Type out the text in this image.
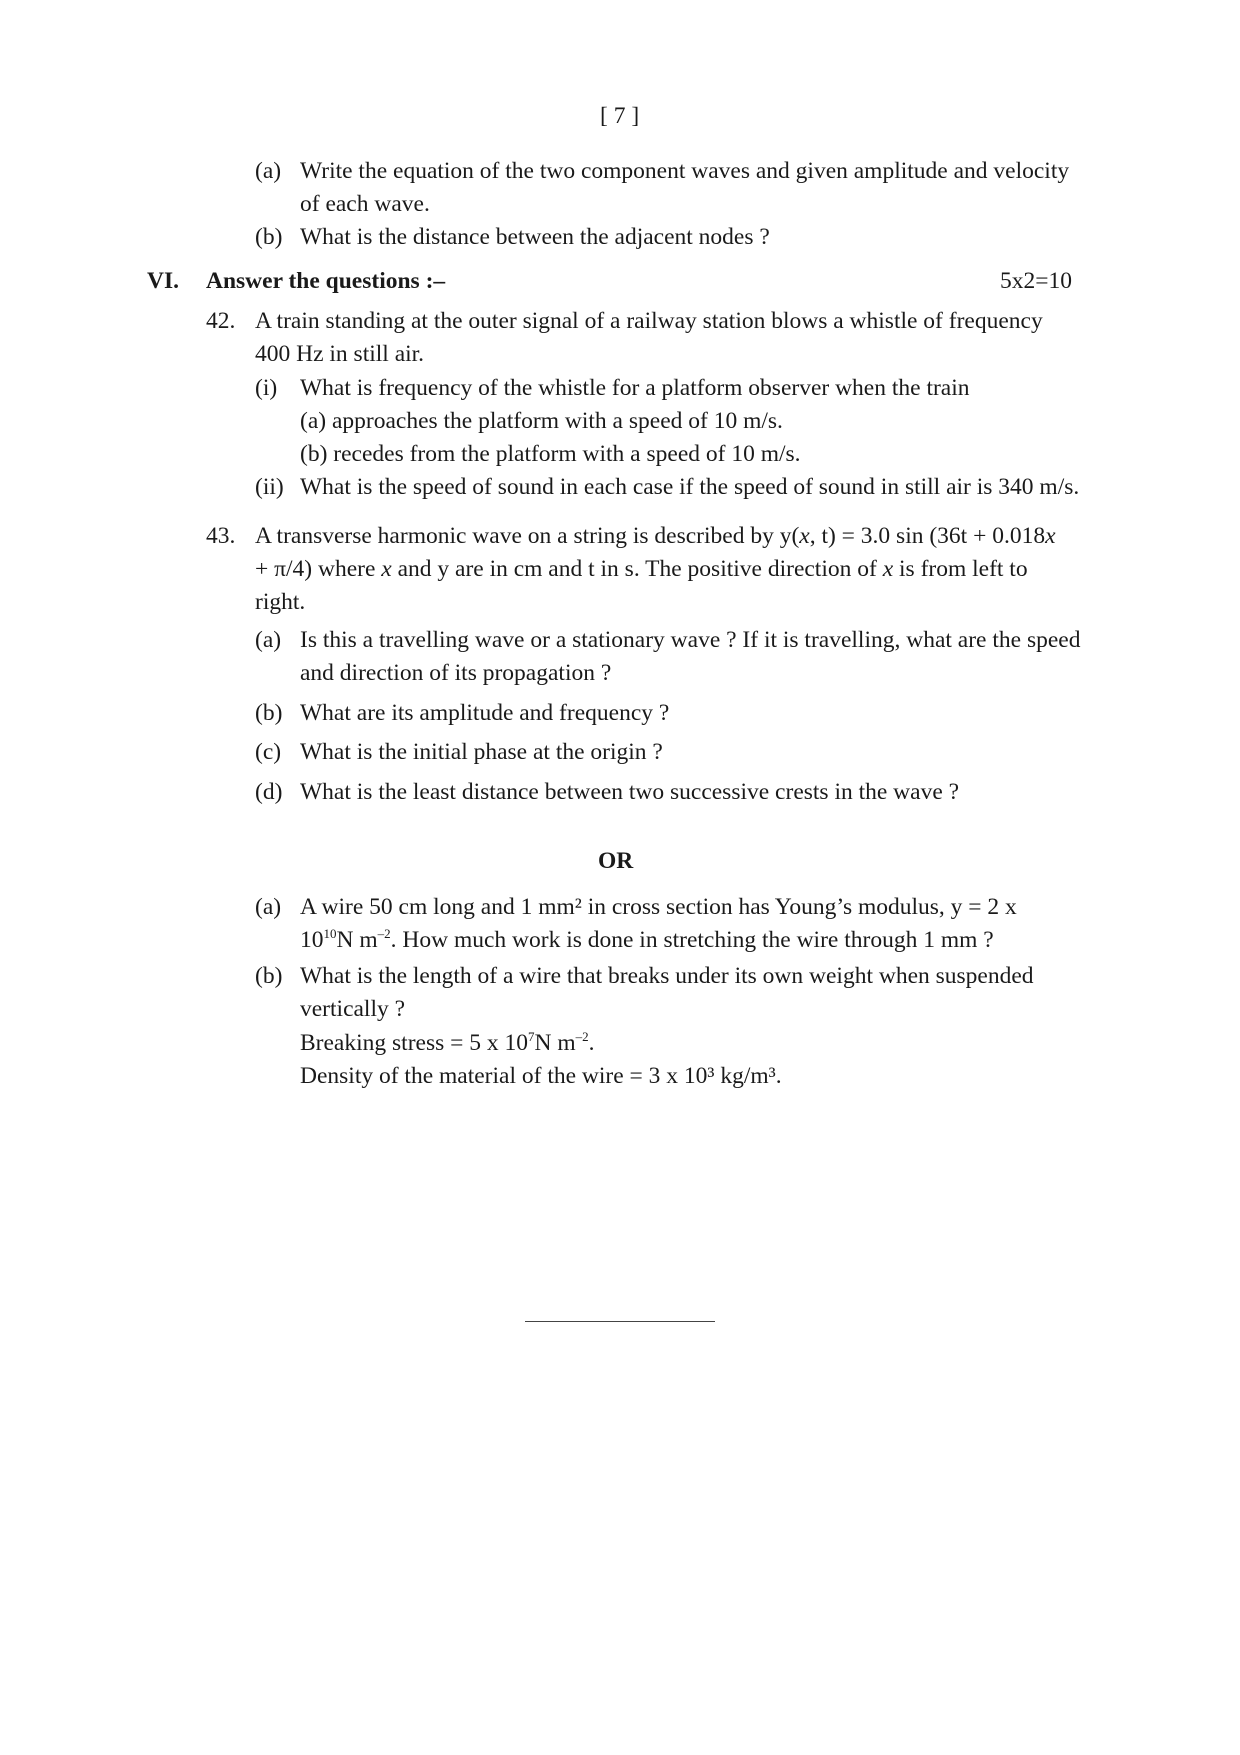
[ 7 ]
(a) Write the equation of the two component waves and given amplitude and velocity
of each wave.
(b) What is the distance between the adjacent nodes ?
VI. Answer the questions :–	5x2=10
42. A train standing at the outer signal of a railway station blows a whistle of frequency
400 Hz in still air.
(i) What is frequency of the whistle for a platform observer when the train
(a) approaches the platform with a speed of 10 m/s.
(b) recedes from the platform with a speed of 10 m/s.
(ii) What is the speed of sound in each case if the speed of sound in still air is 340 m/s.
43. A transverse harmonic wave on a string is described by y(x, t) = 3.0 sin (36t + 0.018x
+ π/4) where x and y are in cm and t in s. The positive direction of x is from left to
right.
(a) Is this a travelling wave or a stationary wave ? If it is travelling, what are the speed
and direction of its propagation ?
(b) What are its amplitude and frequency ?
(c) What is the initial phase at the origin ?
(d) What is the least distance between two successive crests in the wave ?
OR
(a) A wire 50 cm long and 1 mm² in cross section has Young’s modulus, y = 2 x
$10^{10}N$ $m^{-2}$. How much work is done in stretching the wire through 1 mm ?
(b) What is the length of a wire that breaks under its own weight when suspended
vertically ?
Breaking stress = 5 x $10^7N$ $m^{-2}$.
Density of the material of the wire = 3 x 10³ kg/m³.
